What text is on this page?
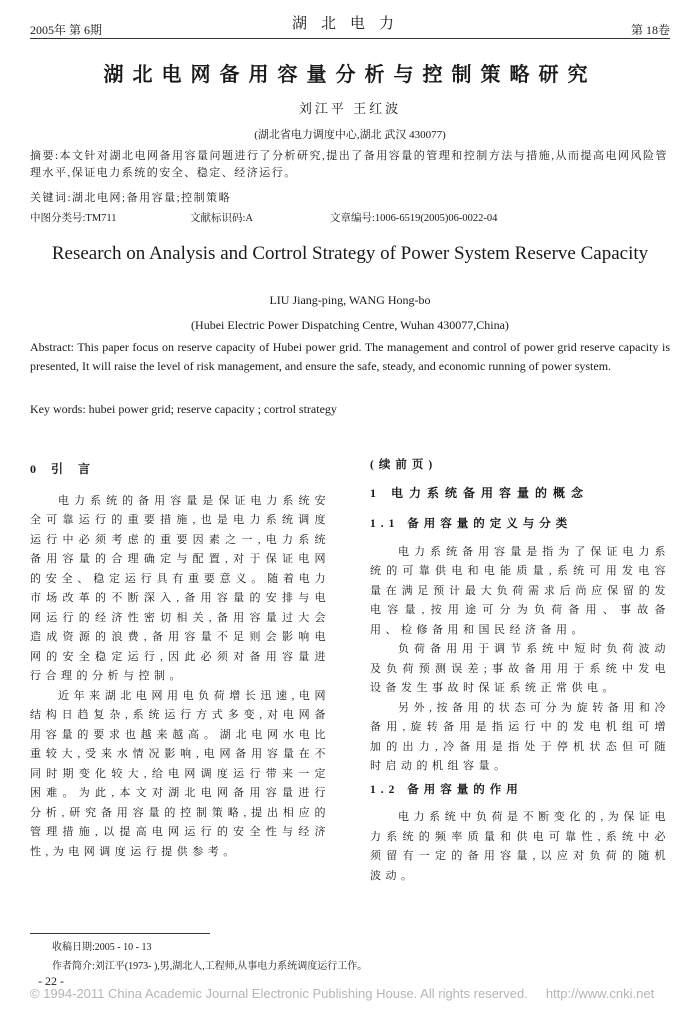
2005年 第 6期	湖北电力	第 18卷
湖北电网备用容量分析与控制策略研究
刘江平 王红波
(湖北省电力调度中心,湖北 武汉 430077)
摘要:本文针对湖北电网备用容量问题进行了分析研究,提出了备用容量的管理和控制方法与措施,从而提高电网风险管理水平,保证电力系统的安全、稳定、经济运行。
关键词:湖北电网;备用容量;控制策略
中图分类号:TM711	文献标识码:A	文章编号:1006-6519(2005)06-0022-04
Research on Analysis and Cortrol Strategy of Power System Reserve Capacity
LIU Jiang-ping, WANG Hong-bo
(Hubei Electric Power Dispatching Centre, Wuhan 430077,China)
Abstract: This paper focus on reserve capacity of Hubei power grid. The management and control of power grid reserve capacity is presented, It will raise the level of risk management, and ensure the safe, steady, and economic running of power system.
Key words: hubei power grid; reserve capacity ; cortrol strategy
0 引 言

电力系统的备用容量是保证电力系统安全可靠运行的重要措施,也是电力系统调度运行中必须考虑的重要因素之一,电力系统备用容量的合理确定与配置,对于保证电网的安全、稳定运行具有重要意义。随着电力市场改革的不断深入,备用容量的安排与电网运行的经济性密切相关,备用容量过大会造成资源的浪费,备用容量不足则会影响电网的安全稳定运行,因此必须对备用容量进行合理的分析与控制。

近年来湖北电网用电负荷增长迅速,电网结构日趋复杂,系统运行方式多变,对电网备用容量的要求也越来越高。湖北电网水电比重较大,受来水情况影响,电网备用容量在不同时期变化较大,给电网调度运行带来一定困难。为此,本文对湖北电网备用容量进行分析,研究备用容量的控制策略,提出相应的管理措施,以提高电网运行的安全性与经济性,为电网调度运行提供参考。

(续前页)
1 电力系统备用容量的概念
1.1 备用容量的定义与分类

电力系统备用容量是指为了保证电力系统的可靠供电和电能质量,系统可用发电容量在满足预计最大负荷需求后尚应保留的发电容量,按用途可分为负荷备用、事故备用、检修备用和国民经济备用。

负荷备用用于调节系统中短时负荷波动及负荷预测误差;事故备用用于系统中发电设备发生事故时保证系统正常供电。

另外,按备用的状态可分为旋转备用和冷备用,旋转备用是指运行中的发电机组可增加的出力,冷备用是指处于停机状态但可随时启动的机组容量。

1.2 备用容量的作用

电力系统中负荷是不断变化的,为保证电力系统的频率质量和供电可靠性,系统中必须留有一定的备用容量,以应对负荷的随机波动。

收稿日期:2005 - 10 - 13
作者简介:刘江平(1973- ),男,湖北人,工程师,从事电力系统调度运行工作。
- 22 -
© 1994-2011 China Academic Journal Electronic Publishing House. All rights reserved. http://www.cnki.net
